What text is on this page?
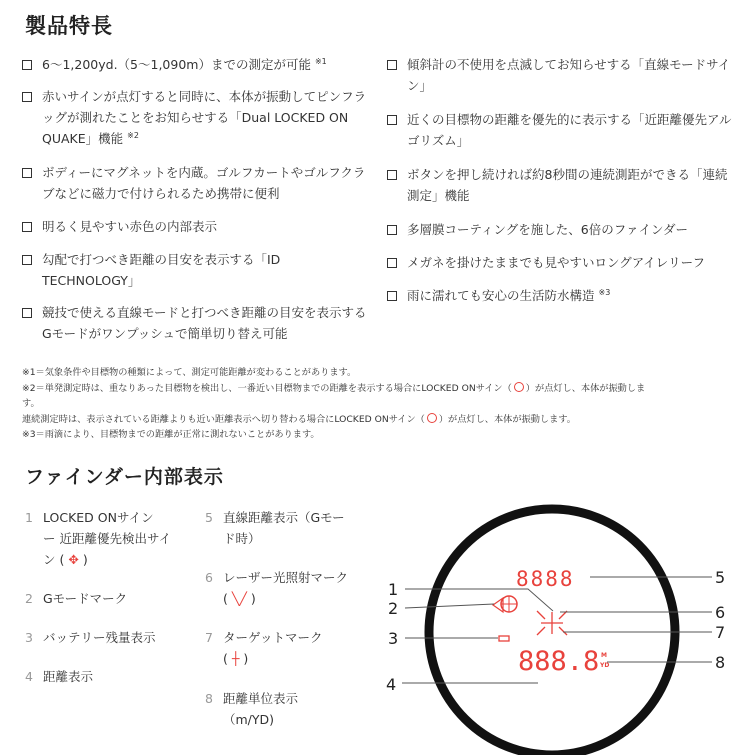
製品特長
6〜1,200yd.（5〜1,090m）までの測定が可能 $^{※1}$
赤いサインが点灯すると同時に、本体が振動してピンフラッグが測れたことをお知らせする「Dual LOCKED ON QUAKE」機能 $^{※2}$
ボディーにマグネットを内蔵。ゴルフカートやゴルフクラブなどに磁力で付けられるため携帯に便利
明るく見やすい赤色の内部表示
勾配で打つべき距離の目安を表示する「ID TECHNOLOGY」
競技で使える直線モードと打つべき距離の目安を表示するGモードがワンプッシュで簡単切り替え可能
傾斜計の不使用を点滅してお知らせする「直線モードサイン」
近くの目標物の距離を優先的に表示する「近距離優先アルゴリズム」
ボタンを押し続ければ約8秒間の連続測距ができる「連続測定」機能
多層膜コーティングを施した、6倍のファインダー
メガネを掛けたままでも見やすいロングアイレリーフ
雨に濡れても安心の生活防水構造 $^{※3}$
※1＝気象条件や目標物の種類によって、測定可能距離が変わることがあります。
※2＝単発測定時は、重なりあった目標物を検出し、一番近い目標物までの距離を表示する場合にLOCKED ONサイン（ ）が点灯し、本体が振動しま
す。
連続測定時は、表示されている距離よりも近い距離表示へ切り替わる場合にLOCKED ONサイン（ ）が点灯し、本体が振動します。
※3＝雨滴により、目標物までの距離が正常に測れないことがあります。
ファインダー内部表示
1 LOCKED ONサイン
ー 近距離優先検出サイ
ン ( ✥ )
2 Gモードマーク
3 バッテリー残量表示
4 距離表示
5 直線距離表示（Gモー
ド時）
6 レーザー光照射マーク
( ╲╱ )
7 ターゲットマーク
( ┼ )
8 距離単位表示
（m/YD)
8888
888.8 M
YD
1
2
3
4
5
6
7
8
